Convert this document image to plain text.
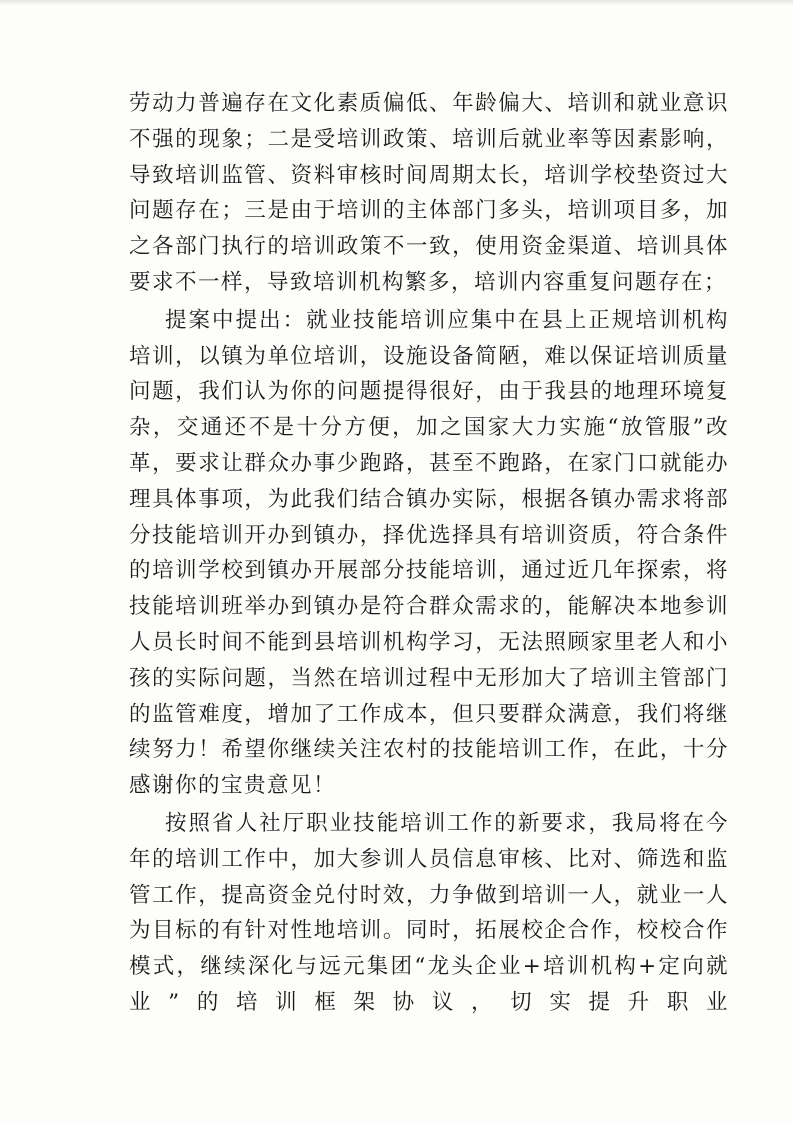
劳动力普遍存在文化素质偏低、年龄偏大、培训和就业意识不强的现象；二是受培训政策、培训后就业率等因素影响，导致培训监管、资料审核时间周期太长，培训学校垫资过大问题存在；三是由于培训的主体部门多头，培训项目多，加之各部门执行的培训政策不一致，使用资金渠道、培训具体要求不一样，导致培训机构繁多，培训内容重复问题存在；

提案中提出：就业技能培训应集中在县上正规培训机构培训，以镇为单位培训，设施设备简陋，难以保证培训质量问题，我们认为你的问题提得很好，由于我县的地理环境复杂，交通还不是十分方便，加之国家大力实施“放管服”改革，要求让群众办事少跑路，甚至不跑路，在家门口就能办理具体事项，为此我们结合镇办实际，根据各镇办需求将部分技能培训开办到镇办，择优选择具有培训资质，符合条件的培训学校到镇办开展部分技能培训，通过近几年探索，将技能培训班举办到镇办是符合群众需求的，能解决本地参训人员长时间不能到县培训机构学习，无法照顾家里老人和小孩的实际问题，当然在培训过程中无形加大了培训主管部门的监管难度，增加了工作成本，但只要群众满意，我们将继续努力！希望你继续关注农村的技能培训工作，在此，十分感谢你的宝贵意见！

按照省人社厅职业技能培训工作的新要求，我局将在今年的培训工作中，加大参训人员信息审核、比对、筛选和监管工作，提高资金兑付时效，力争做到培训一人，就业一人为目标的有针对性地培训。同时，拓展校企合作，校校合作模式，继续深化与远元集团“龙头企业+培训机构+定向就业”的培训框架协议，切实提升职业
